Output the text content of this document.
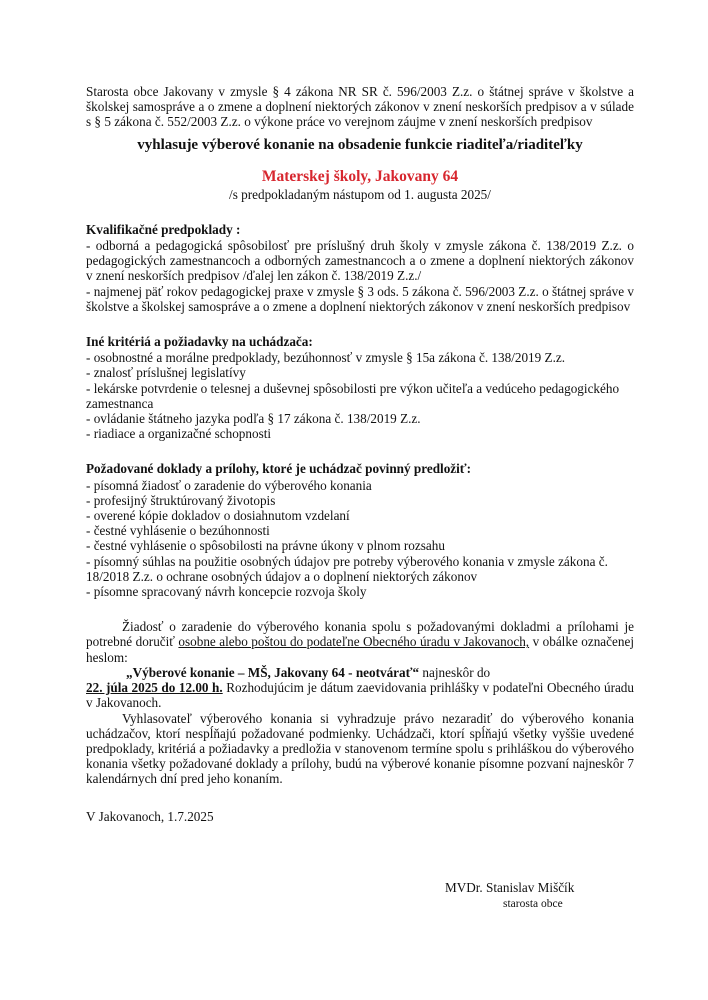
Starosta obce Jakovany v zmysle § 4 zákona NR SR č. 596/2003 Z.z. o štátnej správe v školstve a školskej samospráve a o zmene a doplnení niektorých zákonov v znení neskorších predpisov a v súlade s § 5 zákona č. 552/2003 Z.z. o výkone práce vo verejnom záujme v znení neskorších predpisov

vyhlasuje výberové konanie na obsadenie funkcie riaditeľa/riaditeľky

Materskej školy, Jakovany 64

/s predpokladaným nástupom od 1. augusta 2025/

Kvalifikačné predpoklady :

- odborná a pedagogická spôsobilosť pre príslušný druh školy v zmysle zákona č. 138/2019 Z.z. o pedagogických zamestnancoch a odborných zamestnancoch a o zmene a doplnení niektorých zákonov v znení neskorších predpisov /ďalej len zákon č. 138/2019 Z.z./

- najmenej päť rokov pedagogickej praxe v zmysle § 3 ods. 5 zákona č. 596/2003 Z.z. o štátnej správe v školstve a školskej samospráve a o zmene a doplnení niektorých zákonov v znení neskorších predpisov

Iné kritériá a požiadavky na uchádzača:

- osobnostné a morálne predpoklady, bezúhonnosť v zmysle § 15a zákona č. 138/2019 Z.z.

- znalosť príslušnej legislatívy

- lekárske potvrdenie o telesnej a duševnej spôsobilosti pre výkon učiteľa a vedúceho pedagogického zamestnanca

- ovládanie štátneho jazyka podľa § 17 zákona č. 138/2019 Z.z.

- riadiace a organizačné schopnosti

Požadované doklady a prílohy, ktoré je uchádzač povinný predložiť:

- písomná žiadosť o zaradenie do výberového konania

- profesijný štruktúrovaný životopis

- overené kópie dokladov o dosiahnutom vzdelaní

- čestné vyhlásenie o bezúhonnosti

- čestné vyhlásenie o spôsobilosti na právne úkony v plnom rozsahu

- písomný súhlas na použitie osobných údajov pre potreby výberového konania v zmysle zákona č. 18/2018 Z.z. o ochrane osobných údajov a o doplnení niektorých zákonov

- písomne spracovaný návrh koncepcie rozvoja školy

Žiadosť o zaradenie do výberového konania spolu s požadovanými dokladmi a prílohami je potrebné doručiť osobne alebo poštou do podateľne Obecného úradu v Jakovanoch, v obálke označenej heslom:

„Výberové konanie – MŠ, Jakovany 64 - neotvárať“ najneskôr do

22. júla 2025 do 12.00 h. Rozhodujúcim je dátum zaevidovania prihlášky v podateľni Obecného úradu v Jakovanoch.

Vyhlasovateľ výberového konania si vyhradzuje právo nezaradiť do výberového konania uchádzačov, ktorí nespĺňajú požadované podmienky. Uchádzači, ktorí spĺňajú všetky vyššie uvedené predpoklady, kritériá a požiadavky a predložia v stanovenom termíne spolu s prihláškou do výberového konania všetky požadované doklady a prílohy, budú na výberové konanie písomne pozvaní najneskôr 7 kalendárnych dní pred jeho konaním.

V Jakovanoch, 1.7.2025

MVDr. Stanislav Miščík
starosta obce
